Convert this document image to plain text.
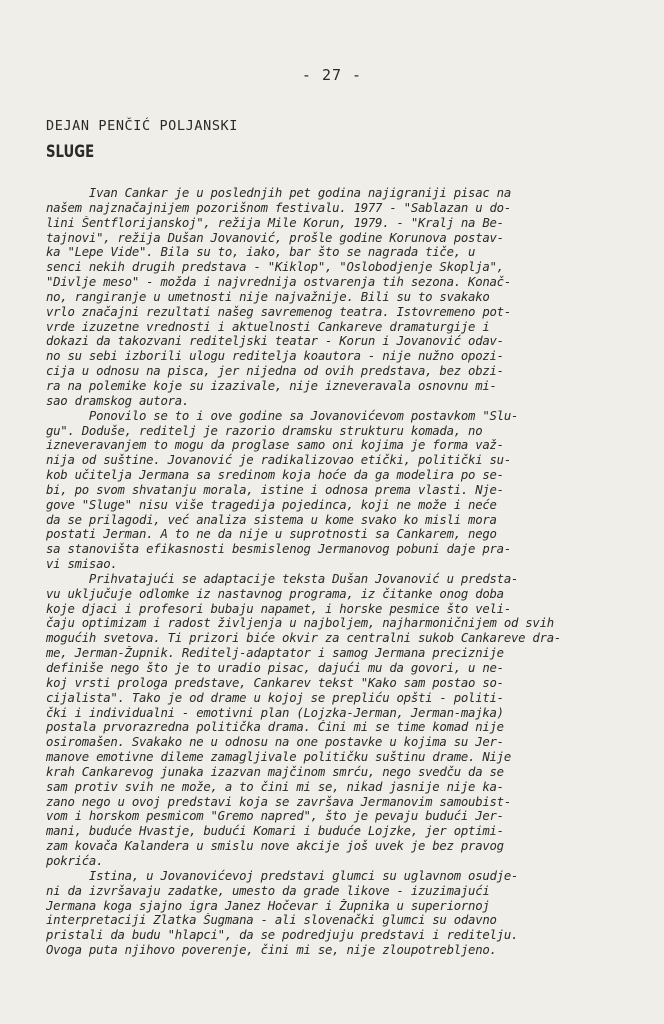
- 27 -
DEJAN PENČIĆ POLJANSKI
SLUGE
Ivan Cankar je u poslednjih pet godina najigraniji pisac na
našem najznačajnijem pozorišnom festivalu. 1977 - "Sablazan u do-
lini Šentflorijanskoj", režija Mile Korun, 1979. - "Kralj na Be-
tajnovi", režija Dušan Jovanović, prošle godine Korunova postav-
ka "Lepe Vide". Bila su to, iako, bar što se nagrada tiče, u
senci nekih drugih predstava - "Kiklop", "Oslobodjenje Skoplja",
"Divlje meso" - možda i najvrednija ostvarenja tih sezona. Konač-
no, rangiranje u umetnosti nije najvažnije. Bili su to svakako
vrlo značajni rezultati našeg savremenog teatra. Istovremeno pot-
vrde izuzetne vrednosti i aktuelnosti Cankareve dramaturgije i
dokazi da takozvani rediteljski teatar - Korun i Jovanović odav-
no su sebi izborili ulogu reditelja koautora - nije nužno opozi-
cija u odnosu na pisca, jer nijedna od ovih predstava, bez obzi-
ra na polemike koje su izazivale, nije izneveravala osnovnu mi-
sao dramskog autora.
Ponovilo se to i ove godine sa Jovanovićevom postavkom "Slu-
gu". Doduše, reditelj je razorio dramsku strukturu komada, no
izneveravanjem to mogu da proglase samo oni kojima je forma važ-
nija od suštine. Jovanović je radikalizovao etički, politički su-
kob učitelja Jermana sa sredinom koja hoće da ga modelira po se-
bi, po svom shvatanju morala, istine i odnosa prema vlasti. Nje-
gove "Sluge" nisu više tragedija pojedinca, koji ne može i neće
da se prilagodi, već analiza sistema u kome svako ko misli mora
postati Jerman. A to ne da nije u suprotnosti sa Cankarem, nego
sa stanovišta efikasnosti besmislenog Jermanovog pobuni daje pra-
vi smisao.
Prihvatajući se adaptacije teksta Dušan Jovanović u predsta-
vu uključuje odlomke iz nastavnog programa, iz čitanke onog doba
koje djaci i profesori bubaju napamet, i horske pesmice što veli-
čaju optimizam i radost življenja u najboljem, najharmoničnijem od svih
mogućih svetova. Ti prizori biće okvir za centralni sukob Cankareve dra-
me, Jerman-Župnik. Reditelj-adaptator i samog Jermana preciznije
definiše nego što je to uradio pisac, dajući mu da govori, u ne-
koj vrsti prologa predstave, Cankarev tekst "Kako sam postao so-
cijalista". Tako je od drame u kojoj se prepliću opšti - politi-
čki i individualni - emotivni plan (Lojzka-Jerman, Jerman-majka)
postala prvorazredna politička drama. Čini mi se time komad nije
osiromašen. Svakako ne u odnosu na one postavke u kojima su Jer-
manove emotivne dileme zamagljivale političku suštinu drame. Nije
krah Cankarevog junaka izazvan majčinom smrću, nego svedču da se
sam protiv svih ne može, a to čini mi se, nikad jasnije nije ka-
zano nego u ovoj predstavi koja se završava Jermanovim samoubist-
vom i horskom pesmicom "Gremo napred", što je pevaju budući Jer-
mani, buduće Hvastje, budući Komari i buduće Lojzke, jer optimi-
zam kovača Kalandera u smislu nove akcije još uvek je bez pravog
pokrića.
Istina, u Jovanovićevoj predstavi glumci su uglavnom osudje-
ni da izvršavaju zadatke, umesto da grade likove - izuzimajući
Jermana koga sjajno igra Janez Hočevar i Župnika u superiornoj
interpretaciji Zlatka Šugmana - ali slovenački glumci su odavno
pristali da budu "hlapci", da se podredjuju predstavi i reditelju.
Ovoga puta njihovo poverenje, čini mi se, nije zloupotrebljeno.
